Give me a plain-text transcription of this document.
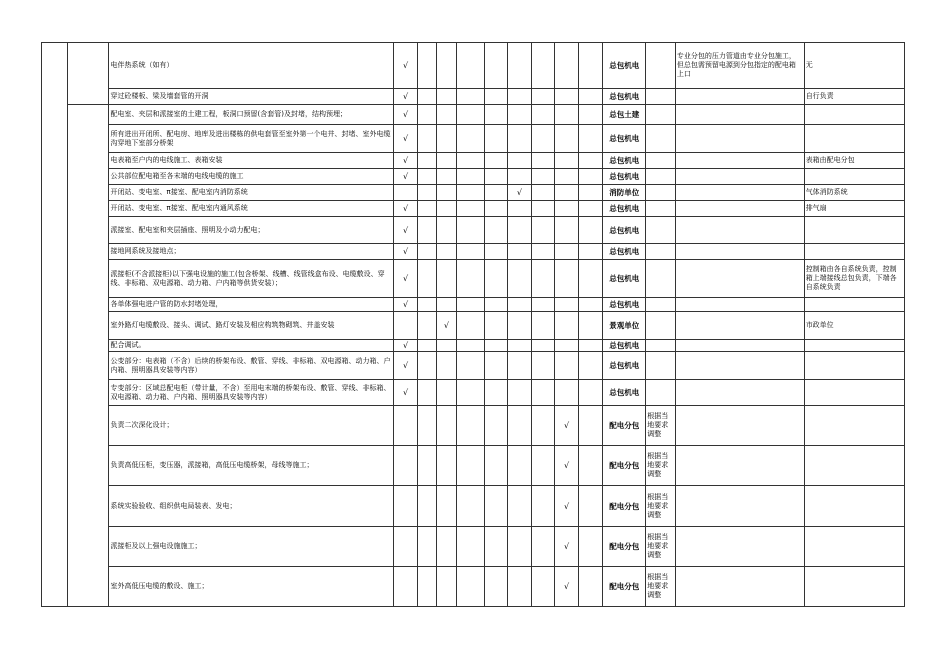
		电伴热系统（如有）	√									总包机电		专业分包的压力管道由专业分包施工，但总包需预留电源到分包指定的配电箱上口	无
		穿过砼楼板、梁及墙套管的开洞	√									总包机电			自行负责
		配电室、夹层和派接室的土建工程，板洞口预留(含套管)及封堵，结构预埋；	√									总包土建			
		所有进出开闭所、配电房、地库及进出楼栋的供电套管至室外第一个电井、封堵、室外电缆沟穿地下室部分桥架	√									总包机电			
		电表箱至户内的电线施工、表箱安装	√									总包机电			表箱由配电分包
		公共部位配电箱至各末端的电线电缆的施工	√									总包机电			
		开闭站、变电室、π接室、配电室内消防系统						√				消防单位			气体消防系统
		开闭站、变电室、π接室、配电室内通风系统	√									总包机电			排气扇
		派接室、配电室和夹层插座、照明及小动力配电；	√									总包机电			
		接地网系统及接地点；	√									总包机电			
		派接柜(不含派接柜)以下强电设施的施工(包含桥架、线槽、线管线盒布设、电缆敷设、穿线、非标箱、双电源箱、动力箱、户内箱等供货安装）；	√									总包机电			控制箱由各自系统负责，控制箱上端接线总包负责，下端各自系统负责
		各单体强电进户管的防水封堵处理，	√									总包机电			
		室外路灯电缆敷设、接头、调试、路灯安装及相应构筑物砌筑、井盖安装			√							景观单位			市政单位
		配合调试。	√									总包机电			
		公变部分：电表箱（不含）后续的桥架布设、敷管、穿线、非标箱、双电源箱、动力箱、户内箱、照明器具安装等内容）	√									总包机电			
		专变部分：区域总配电柜（带计量，不含）至用电末端的桥架布设、敷管、穿线、非标箱、双电源箱、动力箱、户内箱、照明器具安装等内容）	√									总包机电			
		负责二次深化设计；								√		配电分包	根据当地要求调整		
		负责高低压柜，变压器，派接箱，高低压电缆桥架，母线等施工；								√		配电分包	根据当地要求调整		
		系统实验验收、组织供电局装表、发电；								√		配电分包	根据当地要求调整		
		派接柜及以上强电设施施工；								√		配电分包	根据当地要求调整		
		室外高低压电缆的敷设、施工；								√		配电分包	根据当地要求调整		
